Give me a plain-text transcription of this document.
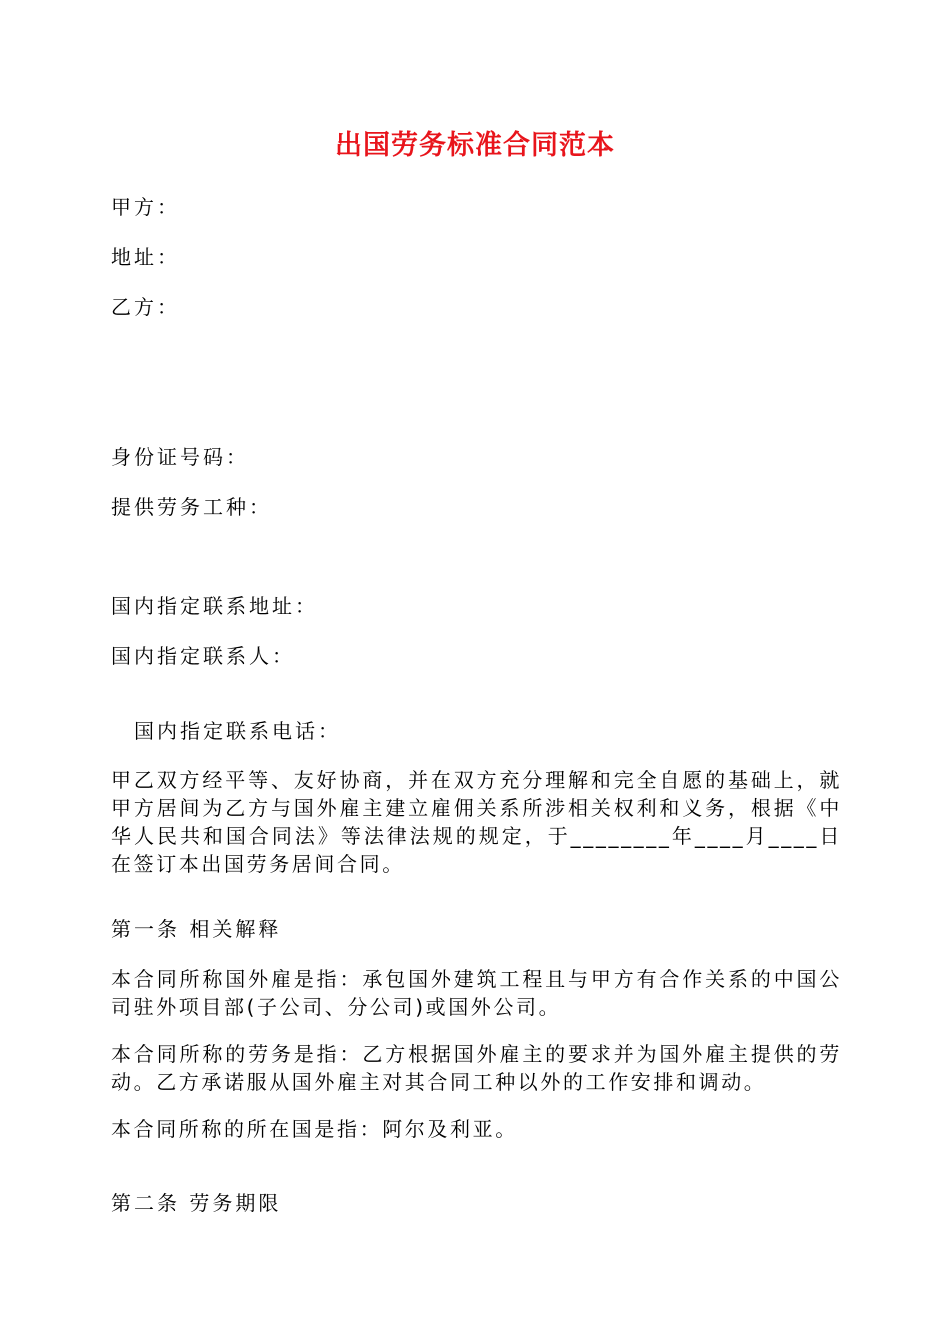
出国劳务标准合同范本
甲方：
地址：
乙方：
身份证号码：
提供劳务工种：
国内指定联系地址：
国内指定联系人：
国内指定联系电话：
甲乙双方经平等、友好协商，并在双方充分理解和完全自愿的基础上，就甲方居间为乙方与国外雇主建立雇佣关系所涉相关权利和义务，根据《中华人民共和国合同法》等法律法规的规定，于________年____月____日在签订本出国劳务居间合同。
第一条 相关解释
本合同所称国外雇是指：承包国外建筑工程且与甲方有合作关系的中国公司驻外项目部(子公司、分公司)或国外公司。
本合同所称的劳务是指：乙方根据国外雇主的要求并为国外雇主提供的劳动。乙方承诺服从国外雇主对其合同工种以外的工作安排和调动。
本合同所称的所在国是指：阿尔及利亚。
第二条 劳务期限
